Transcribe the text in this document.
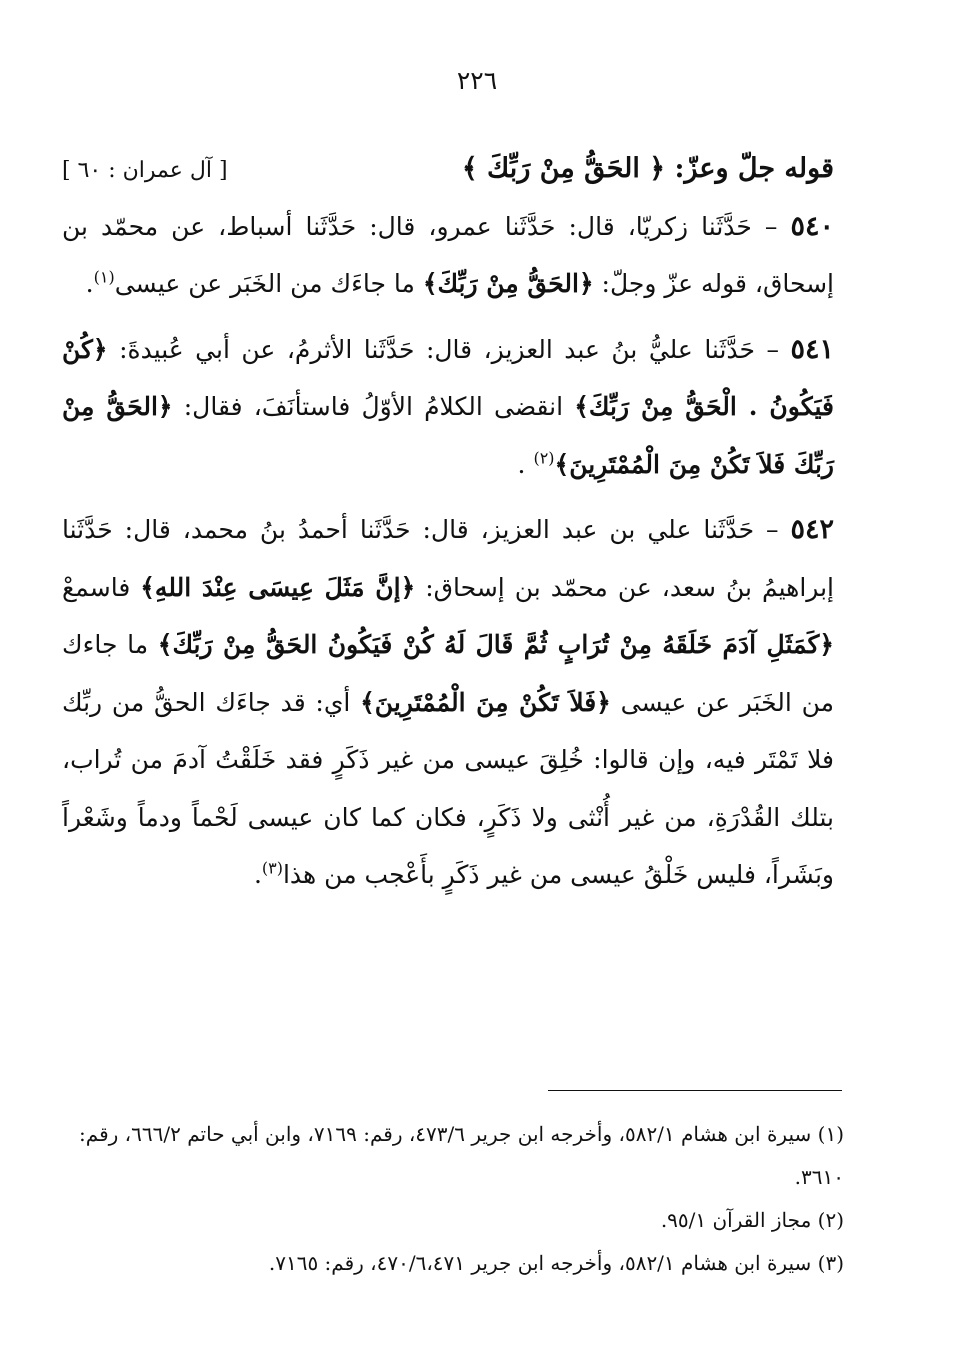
٢٢٦
قوله جلّ وعزّ: ﴿ الحَقُّ مِنْ رَبِّكَ ﴾
[ آل عمران : ٦٠ ]

٥٤٠ – حَدَّثَنا زكريّا، قال: حَدَّثَنا عمرو، قال: حَدَّثَنا أسباط، عن محمّد بن إسحاق، قوله عزّ وجلّ: ﴿الحَقُّ مِنْ رَبِّكَ﴾ ما جاءَك من الخَبَر عن عيسى$^{(١)}$.

٥٤١ – حَدَّثَنا عليُّ بنُ عبد العزيز، قال: حَدَّثَنا الأثرمُ، عن أبي عُبيدةَ: ﴿كُنْ فَيَكُونُ . الْحَقُّ مِنْ رَبِّكَ﴾ انقضى الكلامُ الأوّلُ فاستأنَفَ، فقال: ﴿الحَقُّ مِنْ رَبِّكَ فَلاَ تَكُنْ مِنَ الْمُمْتَرِينَ﴾$^{(٢)}$ .

٥٤٢ – حَدَّثَنا علي بن عبد العزيز، قال: حَدَّثَنا أحمدُ بنُ محمد، قال: حَدَّثَنا إبراهيمُ بنُ سعد، عن محمّد بن إسحاق: ﴿إنَّ مَثَلَ عِيسَى عِنْدَ اللهِ﴾ فاسمعْ ﴿كَمَثَلِ آدَمَ خَلَقَهُ مِنْ تُرَابٍ ثُمَّ قَالَ لَهُ كُنْ فَيَكُونُ الحَقُّ مِنْ رَبِّكَ﴾ ما جاءك من الخَبَر عن عيسى ﴿فَلاَ تَكُنْ مِنَ الْمُمْتَرِينَ﴾ أي: قد جاءَك الحقُّ من ربِّك فلا تَمْتَر فيه، وإن قالوا: خُلِقَ عيسى من غير ذَكَرٍ فقد خَلَقْتُ آدمَ من تُراب، بتلك القُدْرَةِ، من غير أُنْثى ولا ذَكَرٍ، فكان كما كان عيسى لَحْماً ودماً وشَعْراً وبَشَراً، فليس خَلْقُ عيسى من غير ذَكَرٍ بأَعْجب من هذا$^{(٣)}$.

(١) سيرة ابن هشام ٥٨٢/١، وأخرجه ابن جرير ٤٧٣/٦، رقم: ٧١٦٩، وابن أبي حاتم ٦٦٦/٢، رقم: ٣٦١٠.

(٢) مجاز القرآن ٩٥/١.

(٣) سيرة ابن هشام ٥٨٢/١، وأخرجه ابن جرير ٤٧٠/٦،٤٧١، رقم: ٧١٦٥.
